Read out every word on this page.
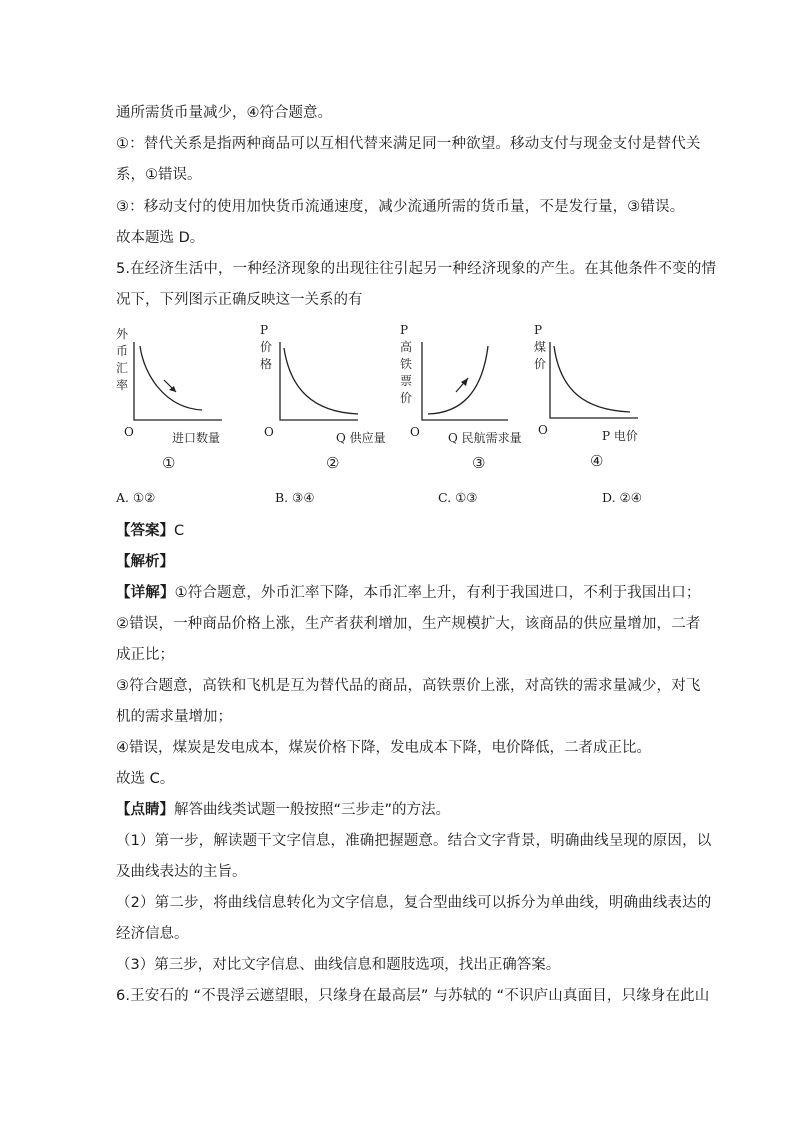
通所需货币量减少，④符合题意。
①：替代关系是指两种商品可以互相代替来满足同一种欲望。移动支付与现金支付是替代关
系，①错误。
③：移动支付的使用加快货币流通速度，减少流通所需的货币量，不是发行量，③错误。
故本题选 D。
5.在经济生活中，一种经济现象的出现往往引起另一种经济现象的产生。在其他条件不变的情
况下，下列图示正确反映这一关系的有
外
币
汇
率
O	进口数量
①
P
价
格
O	Q 供应量
②
P
高
铁
票
价
O Q 民航需求量
③
P
煤
价
O	P 电价
④
A. ①②	B. ③④	C. ①③	D. ②④
【答案】C
【解析】
【详解】①符合题意，外币汇率下降，本币汇率上升，有利于我国进口，不利于我国出口；
②错误，一种商品价格上涨，生产者获利增加，生产规模扩大，该商品的供应量增加，二者
成正比；
③符合题意，高铁和飞机是互为替代品的商品，高铁票价上涨，对高铁的需求量减少，对飞
机的需求量增加；
④错误，煤炭是发电成本，煤炭价格下降，发电成本下降，电价降低，二者成正比。
故选 C。
【点睛】解答曲线类试题一般按照“三步走”的方法。
（1）第一步，解读题干文字信息，准确把握题意。结合文字背景，明确曲线呈现的原因，以
及曲线表达的主旨。
（2）第二步，将曲线信息转化为文字信息，复合型曲线可以拆分为单曲线，明确曲线表达的
经济信息。
（3）第三步，对比文字信息、曲线信息和题肢选项，找出正确答案。
6.王安石的 “不畏浮云遮望眼，只缘身在最高层” 与苏轼的 “不识庐山真面目，只缘身在此山
